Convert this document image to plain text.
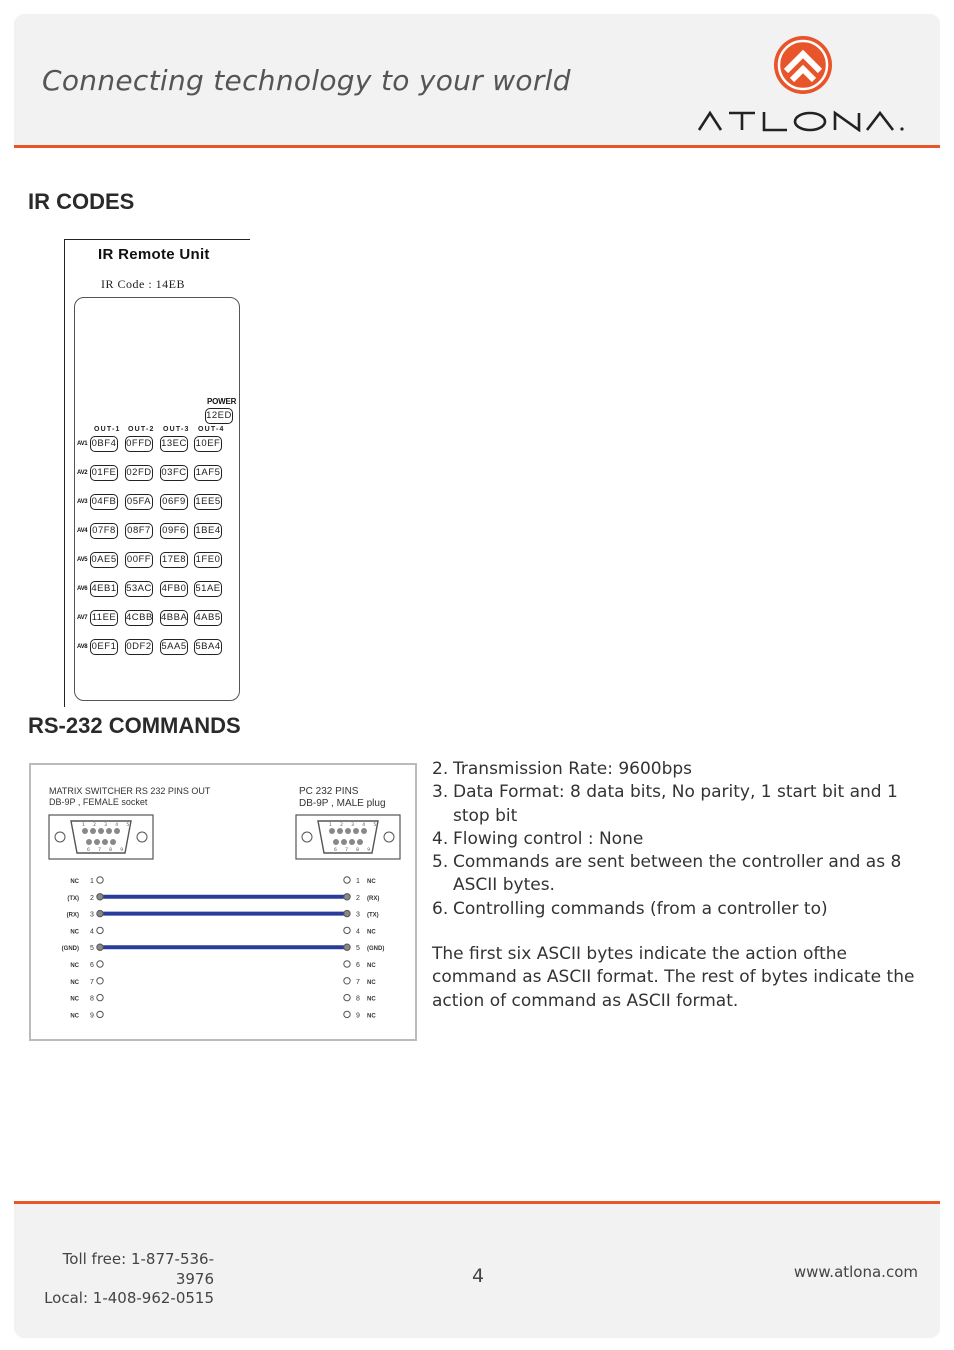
Connecting technology to your world
ATLONA
IR CODES
IR Remote Unit
IR Code : 14EB
POWER
12ED
OUT-1 OUT-2 OUT-3 OUT-4
AV1 0BF4 0FFD 13EC 10EF
AV2 01FE 02FD 03FC 1AF5
AV3 04FB 05FA 06F9 1EE5
AV4 07F8 08F7 09F6 1BE4
AV5 0AE5 00FF 17E8 1FE0
AV6 4EB1 53AC 4FB0 51AE
AV7 11EE 4CBB 4BBA 4AB5
AV8 0EF1 0DF2 5AA5 5BA4
RS-232 COMMANDS
MATRIX SWITCHER RS 232 PINS OUT
DB-9P , FEMALE socket
PC 232 PINS
DB-9P , MALE plug
1 2 3 4 5
6 7 8 9
1 2 3 4 5
6 7 8 9
NC 1	1 NC
(TX) 2	2 (RX)
(RX) 3	3 (TX)
NC 4	4 NC
(GND) 5	5 (GND)
NC 6	6 NC
NC 7	7 NC
NC 8	8 NC
NC 9	9 NC
2. Transmission Rate: 9600bps
3. Data Format: 8 data bits, No parity, 1 start bit and 1 stop bit
4. Flowing control : None
5. Commands are sent between the controller and as 8 ASCII bytes.
6. Controlling commands (from a controller to)

The first six ASCII bytes indicate the action ofthe command as ASCII format. The rest of bytes indicate the action of command as ASCII format.

Toll free: 1-877-536-3976
Local: 1-408-962-0515
4	www.atlona.com
